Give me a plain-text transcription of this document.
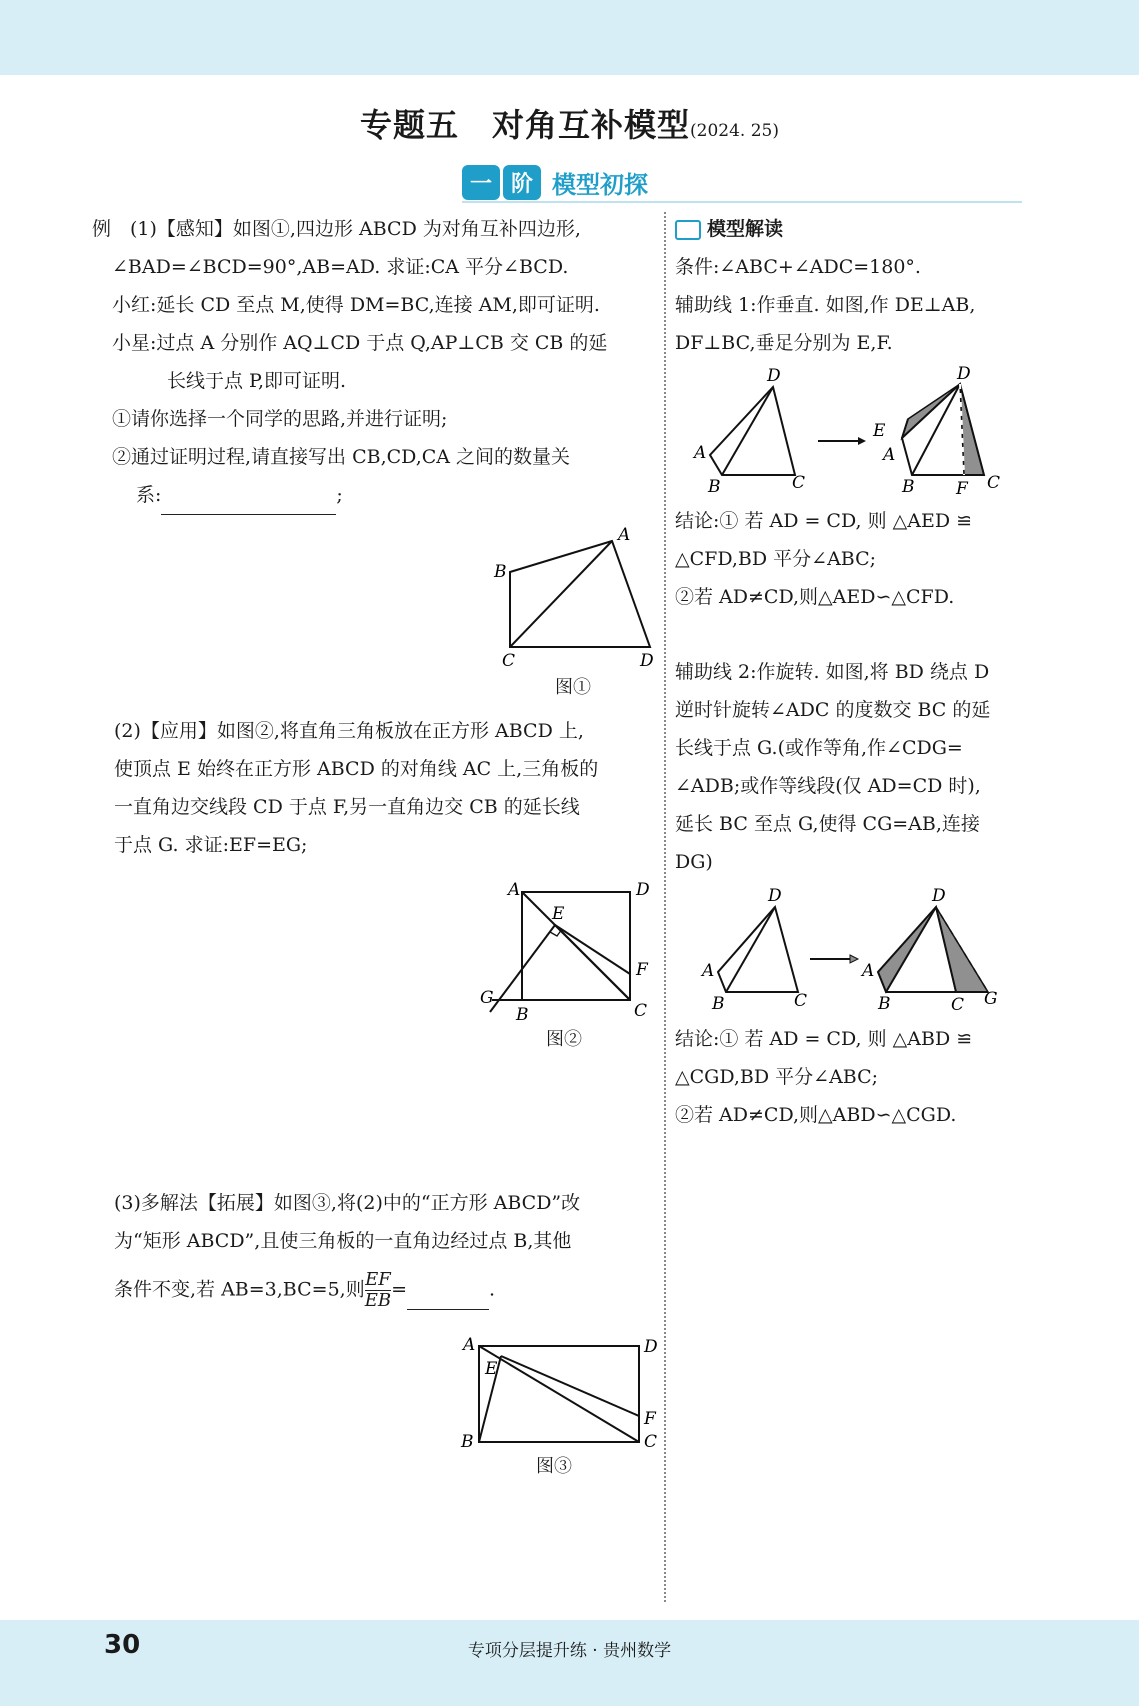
专题五　对角互补模型(2024. 25)
一 阶 模型初探

例　(1)【感知】如图①,四边形 ABCD 为对角互补四边形,

∠BAD=∠BCD=90°,AB=AD. 求证:CA 平分∠BCD.

小红:延长 CD 至点 M,使得 DM=BC,连接 AM,即可证明.

小星:过点 A 分别作 AQ⊥CD 于点 Q,AP⊥CB 交 CB 的延

长线于点 P,即可证明.

①请你选择一个同学的思路,并进行证明;

②通过证明过程,请直接写出 CB,CD,CA 之间的数量关

系:	;

A
B
C	D
图①

(2)【应用】如图②,将直角三角板放在正方形 ABCD 上,

使顶点 E 始终在正方形 ABCD 的对角线 AC 上,三角板的

一直角边交线段 CD 于点 F,另一直角边交 CB 的延长线

于点 G. 求证:EF=EG;

A	D
E
F
G
B	C
图②

(3)多解法【拓展】如图③,将(2)中的“正方形 ABCD”改

为“矩形 ABCD”,且使三角板的一直角边经过点 B,其他

条件不变,若 AB=3,BC=5,则 $\frac{EF}{EB}$ =	.

A	D
E
F
B	C
图③

模型解读

条件:∠ABC+∠ADC=180°.

辅助线 1:作垂直. 如图,作 DE⊥AB,

DF⊥BC,垂足分别为 E,F.

D
A
B	C
D
E
A
B F C

结论:① 若 AD = CD, 则 △AED ≌

△CFD,BD 平分∠ABC;

②若 AD≠CD,则△AED∽△CFD.

辅助线 2:作旋转. 如图,将 BD 绕点 D

逆时针旋转∠ADC 的度数交 BC 的延

长线于点 G.(或作等角,作∠CDG=

∠ADB;或作等线段(仅 AD=CD 时),

延长 BC 至点 G,使得 CG=AB,连接

DG)

D
A
B	C
D
A
B	C G

结论:① 若 AD = CD, 则 △ABD ≌

△CGD,BD 平分∠ABC;

②若 AD≠CD,则△ABD∽△CGD.

30	专项分层提升练 · 贵州数学
